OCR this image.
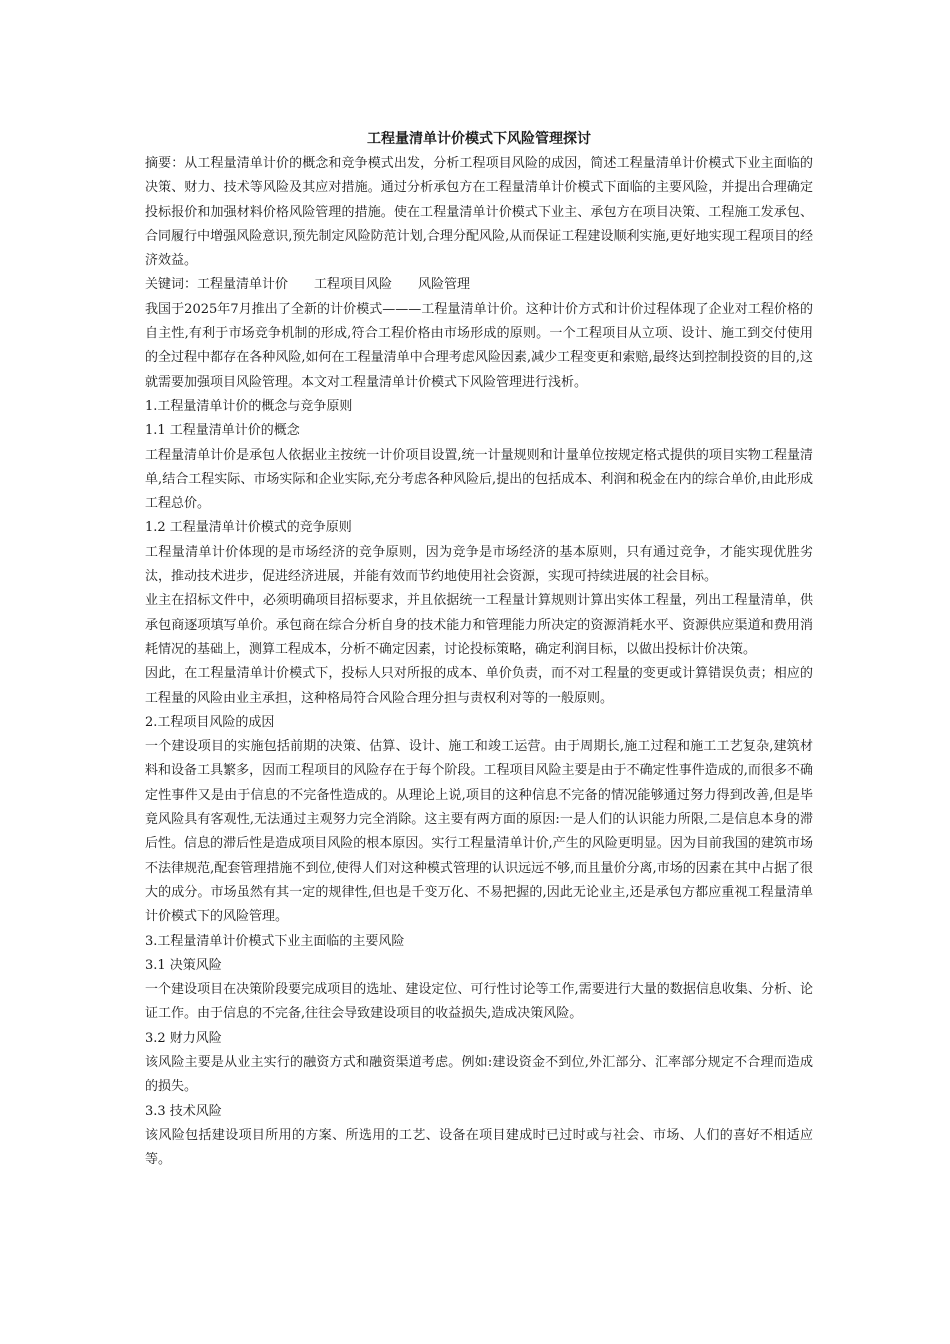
工程量清单计价模式下风险管理探讨

摘要：从工程量清单计价的概念和竞争模式出发，分析工程项目风险的成因，简述工程量清单计价模式下业主面临的决策、财力、技术等风险及其应对措施。通过分析承包方在工程量清单计价模式下面临的主要风险，并提出合理确定投标报价和加强材料价格风险管理的措施。使在工程量清单计价模式下业主、承包方在项目决策、工程施工发承包、合同履行中增强风险意识,预先制定风险防范计划,合理分配风险,从而保证工程建设顺利实施,更好地实现工程项目的经济效益。

关键词：工程量清单计价 工程项目风险 风险管理

我国于2025年7月推出了全新的计价模式———工程量清单计价。这种计价方式和计价过程体现了企业对工程价格的自主性,有利于市场竞争机制的形成,符合工程价格由市场形成的原则。一个工程项目从立项、设计、施工到交付使用的全过程中都存在各种风险,如何在工程量清单中合理考虑风险因素,减少工程变更和索赔,最终达到控制投资的目的,这就需要加强项目风险管理。本文对工程量清单计价模式下风险管理进行浅析。

1.工程量清单计价的概念与竞争原则

1.1 工程量清单计价的概念

工程量清单计价是承包人依据业主按统一计价项目设置,统一计量规则和计量单位按规定格式提供的项目实物工程量清单,结合工程实际、市场实际和企业实际,充分考虑各种风险后,提出的包括成本、利润和税金在内的综合单价,由此形成工程总价。

1.2 工程量清单计价模式的竞争原则

工程量清单计价体现的是市场经济的竞争原则，因为竞争是市场经济的基本原则，只有通过竞争，才能实现优胜劣汰，推动技术进步，促进经济进展，并能有效而节约地使用社会资源，实现可持续进展的社会目标。

业主在招标文件中，必须明确项目招标要求，并且依据统一工程量计算规则计算出实体工程量，列出工程量清单，供承包商逐项填写单价。承包商在综合分析自身的技术能力和管理能力所决定的资源消耗水平、资源供应渠道和费用消耗情况的基础上，测算工程成本，分析不确定因素，讨论投标策略，确定利润目标，以做出投标计价决策。

因此，在工程量清单计价模式下，投标人只对所报的成本、单价负责，而不对工程量的变更或计算错误负责；相应的工程量的风险由业主承担，这种格局符合风险合理分担与责权利对等的一般原则。

2.工程项目风险的成因

一个建设项目的实施包括前期的决策、估算、设计、施工和竣工运营。由于周期长,施工过程和施工工艺复杂,建筑材料和设备工具繁多，因而工程项目的风险存在于每个阶段。工程项目风险主要是由于不确定性事件造成的,而很多不确定性事件又是由于信息的不完备性造成的。从理论上说,项目的这种信息不完备的情况能够通过努力得到改善,但是毕竟风险具有客观性,无法通过主观努力完全消除。这主要有两方面的原因:一是人们的认识能力所限,二是信息本身的滞后性。信息的滞后性是造成项目风险的根本原因。实行工程量清单计价,产生的风险更明显。因为目前我国的建筑市场不法律规范,配套管理措施不到位,使得人们对这种模式管理的认识远远不够,而且量价分离,市场的因素在其中占据了很大的成分。市场虽然有其一定的规律性,但也是千变万化、不易把握的,因此无论业主,还是承包方都应重视工程量清单计价模式下的风险管理。

3.工程量清单计价模式下业主面临的主要风险

3.1 决策风险

一个建设项目在决策阶段要完成项目的选址、建设定位、可行性讨论等工作,需要进行大量的数据信息收集、分析、论证工作。由于信息的不完备,往往会导致建设项目的收益损失,造成决策风险。

3.2 财力风险

该风险主要是从业主实行的融资方式和融资渠道考虑。例如:建设资金不到位,外汇部分、汇率部分规定不合理而造成的损失。

3.3 技术风险

该风险包括建设项目所用的方案、所选用的工艺、设备在项目建成时已过时或与社会、市场、人们的喜好不相适应等。
